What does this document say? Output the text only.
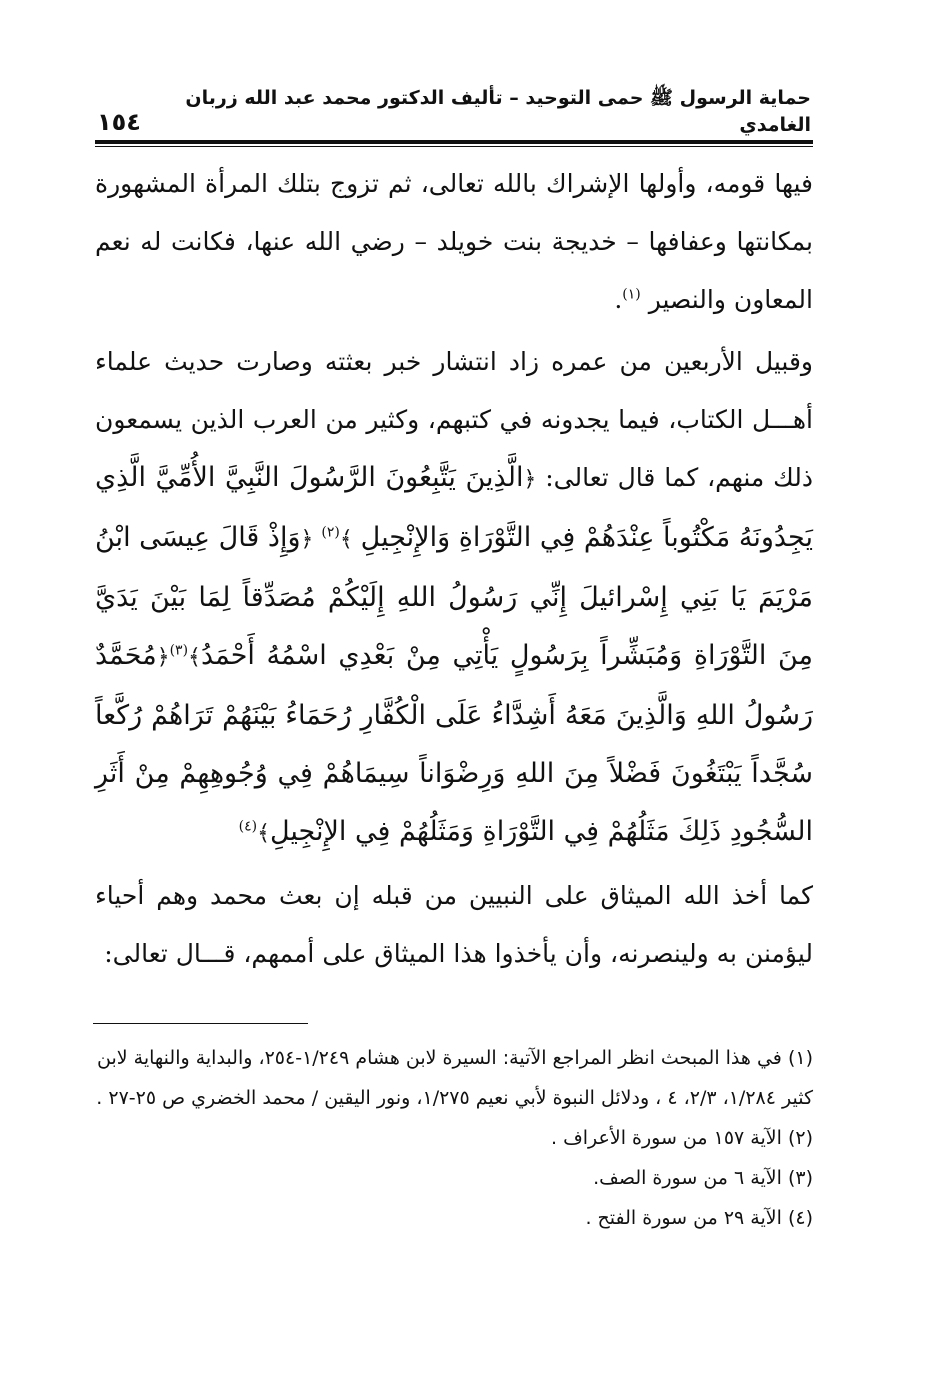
حماية الرسول ﷺ حمى التوحيد – تأليف الدكتور محمد عبد الله زربان الغامدي
١٥٤

فيها قومه، وأولها الإشراك بالله تعالى، ثم تزوج بتلك المرأة المشهورة بمكانتها وعفافها – خديجة بنت خويلد – رضي الله عنها، فكانت له نعم المعاون والنصير $^{(١)}$.

وقبيل الأربعين من عمره زاد انتشار خبر بعثته وصارت حديث علماء أهـــل الكتاب، فيما يجدونه في كتبهم، وكثير من العرب الذين يسمعون ذلك منهم، كما قال تعالى: ﴿الَّذِينَ يَتَّبِعُونَ الرَّسُولَ النَّبِيَّ الأُمِّيَّ الَّذِي يَجِدُونَهُ مَكْتُوباً عِنْدَهُمْ فِي التَّوْرَاةِ وَالإِنْجِيلِ ﴾$^{(٢)}$ ﴿وَإِذْ قَالَ عِيسَى ابْنُ مَرْيَمَ يَا بَنِي إِسْرائيلَ إِنِّي رَسُولُ اللهِ إِلَيْكُمْ مُصَدِّقاً لِمَا بَيْنَ يَدَيَّ مِنَ التَّوْرَاةِ وَمُبَشِّراً بِرَسُولٍ يَأْتِي مِنْ بَعْدِي اسْمُهُ أَحْمَدُ﴾$^{(٣)}$﴿مُحَمَّدٌ رَسُولُ اللهِ وَالَّذِينَ مَعَهُ أَشِدَّاءُ عَلَى الْكُفَّارِ رُحَمَاءُ بَيْنَهُمْ تَرَاهُمْ رُكَّعاً سُجَّداً يَبْتَغُونَ فَضْلاً مِنَ اللهِ وَرِضْوَاناً سِيمَاهُمْ فِي وُجُوهِهِمْ مِنْ أَثَرِ السُّجُودِ ذَلِكَ مَثَلُهُمْ فِي التَّوْرَاةِ وَمَثَلُهُمْ فِي الإِنْجِيلِ﴾$^{(٤)}$

كما أخذ الله الميثاق على النبيين من قبله إن بعث محمد وهم أحياء ليؤمنن به ولينصرنه، وأن يأخذوا هذا الميثاق على أممهم، قـــال تعالى:

(١) في هذا المبحث انظر المراجع الآتية: السيرة لابن هشام ١/٢٤٩-٢٥٤، والبداية والنهاية لابن كثير ١/٢٨٤، ٢/٣، ٤ ، ودلائل النبوة لأبي نعيم ١/٢٧٥، ونور اليقين / محمد الخضري ص ٢٥-٢٧ .

(٢) الآية ١٥٧ من سورة الأعراف .

(٣) الآية ٦ من سورة الصف.

(٤) الآية ٢٩ من سورة الفتح .
